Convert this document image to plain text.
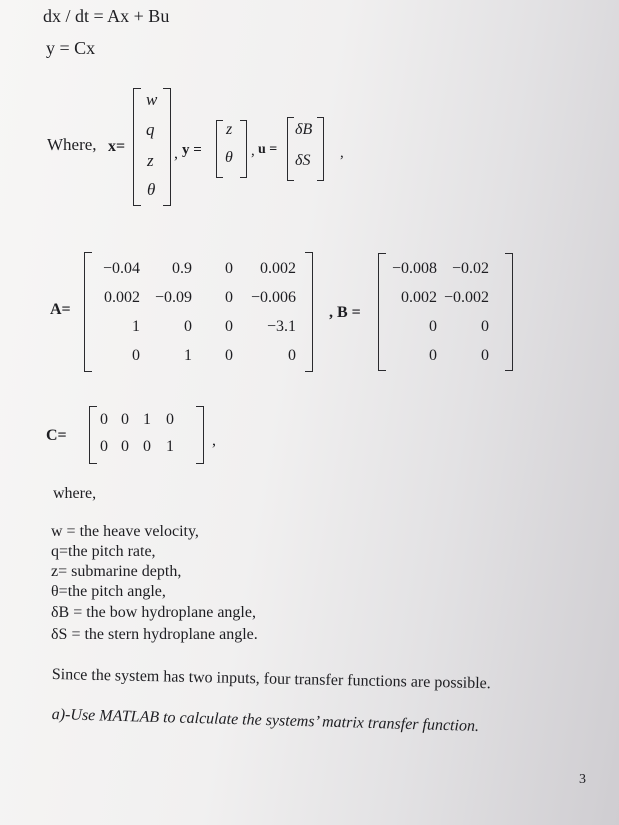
dx / dt = Ax + Bu
y = Cx
Where, x=
w
q
z
θ
, y =
z
θ , u =
δB
δS ,
A=
−0.04 0.9 0 0.002
0.002 −0.09 0 −0.006
1	0 0 −3.1
0	1 0	0
, B =
−0.008 −0.02
0.002 −0.002
0	0
0	0
C=
0 0 1 0
0 0 0 1 ,
where,
w = the heave velocity,
q=the pitch rate,
z= submarine depth,
θ=the pitch angle,
δB = the bow hydroplane angle,
δS = the stern hydroplane angle.
Since the system has two inputs, four transfer functions are possible.
a)-Use MATLAB to calculate the systems’ matrix transfer function.
3
